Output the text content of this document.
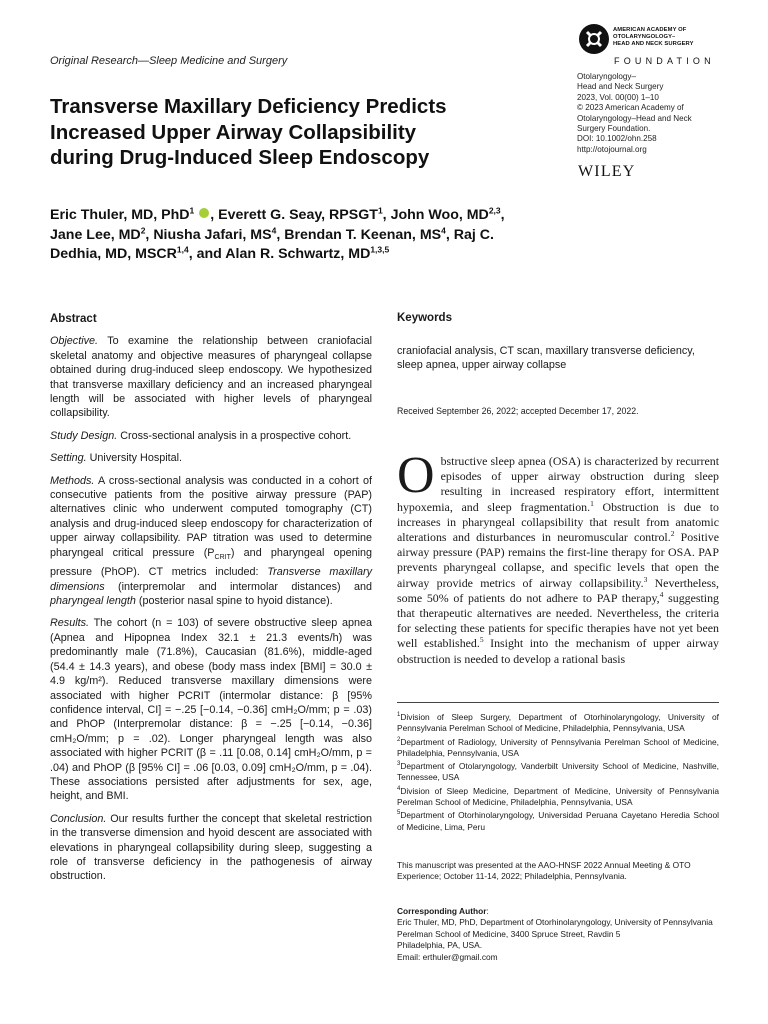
Original Research—Sleep Medicine and Surgery
AMERICAN ACADEMY OF
OTOLARYNGOLOGY–
HEAD AND NECK SURGERY
FOUNDATION
Otolaryngology–
Head and Neck Surgery
2023, Vol. 00(00) 1–10
© 2023 American Academy of
Otolaryngology–Head and Neck
Surgery Foundation.
DOI: 10.1002/ohn.258
http://otojournal.org
WILEY
Transverse Maxillary Deficiency Predicts
Increased Upper Airway Collapsibility
during Drug-Induced Sleep Endoscopy
Eric Thuler, MD, PhD$^1$ , Everett G. Seay, RPSGT$^1$, John Woo, MD$^{2,3}$, Jane Lee, $MD^2$, Niusha Jafari, $MS^4$, Brendan T. Keenan, $MS^4$, Raj C. Dedhia, MD, MSCR$^{1,4}$, and Alan R. Schwartz, MD$^{1,3,5}$
Abstract

Objective. To examine the relationship between craniofacial skeletal anatomy and objective measures of pharyngeal collapse obtained during drug-induced sleep endoscopy. We hypothesized that transverse maxillary deficiency and an increased pharyngeal length will be associated with higher levels of pharyngeal collapsibility.

Study Design. Cross-sectional analysis in a prospective cohort.

Setting. University Hospital.

Methods. A cross-sectional analysis was conducted in a cohort of consecutive patients from the positive airway pressure (PAP) alternatives clinic who underwent computed tomography (CT) analysis and drug-induced sleep endoscopy for characterization of upper airway collapsibility. PAP titration was used to determine pharyngeal critical pressure $(P_{CRIT})$ and pharyngeal opening pressure (PhOP). CT metrics included: Transverse maxillary dimensions (interpremolar and intermolar distances) and pharyngeal length (posterior nasal spine to hyoid distance).

Results. The cohort (n = 103) of severe obstructive sleep apnea (Apnea and Hipopnea Index 32.1 ± 21.3 events/h) was predominantly male (71.8%), Caucasian (81.6%), middle-aged (54.4 ± 14.3 years), and obese (body mass index [BMI] = 30.0 ± 4.9 kg/m²). Reduced transverse maxillary dimensions were associated with higher PCRIT (intermolar distance: β [95% confidence interval, CI] = −.25 [−0.14, −0.36] cmH₂O/mm; p = .03) and PhOP (Interpremolar distance: β = −.25 [−0.14, −0.36] cmH₂O/mm; p = .02). Longer pharyngeal length was also associated with higher PCRIT (β = .11 [0.08, 0.14] cmH₂O/mm, p = .04) and PhOP (β [95% CI] = .06 [0.03, 0.09] cmH₂O/mm, p = .04). These associations persisted after adjustments for sex, age, height, and BMI.

Conclusion. Our results further the concept that skeletal restriction in the transverse dimension and hyoid descent are associated with elevations in pharyngeal collapsibility during sleep, suggesting a role of transverse deficiency in the pathogenesis of airway obstruction.

Keywords
craniofacial analysis, CT scan, maxillary transverse deficiency, sleep apnea, upper airway collapse
Received September 26, 2022; accepted December 17, 2022.
Obstructive sleep apnea (OSA) is characterized by recurrent episodes of upper airway obstruction during sleep resulting in increased respiratory effort, intermittent hypoxemia, and sleep fragmentation.$^1$ Obstruction is due to increases in pharyngeal collapsibility that result from anatomic alterations and disturbances in neuromuscular control.$^2$ Positive airway pressure (PAP) remains the first-line therapy for OSA. PAP prevents pharyngeal collapse, and specific levels that open the airway provide metrics of airway collapsibility.$^3$ Nevertheless, some 50% of patients do not adhere to PAP therapy,$^4$ suggesting that therapeutic alternatives are needed. Nevertheless, the criteria for selecting these patients for specific therapies have not yet been well established.$^5$ Insight into the mechanism of upper airway obstruction is needed to develop a rational basis

$^1$Division of Sleep Surgery, Department of Otorhinolaryngology, University of Pennsylvania Perelman School of Medicine, Philadelphia, Pennsylvania, USA

$^2$Department of Radiology, University of Pennsylvania Perelman School of Medicine, Philadelphia, Pennsylvania, USA

$^3$Department of Otolaryngology, Vanderbilt University School of Medicine, Nashville, Tennessee, USA

$^4$Division of Sleep Medicine, Department of Medicine, University of Pennsylvania Perelman School of Medicine, Philadelphia, Pennsylvania, USA

$^5$Department of Otorhinolaryngology, Universidad Peruana Cayetano Heredia School of Medicine, Lima, Peru

This manuscript was presented at the AAO-HNSF 2022 Annual Meeting & OTO Experience; October 11-14, 2022; Philadelphia, Pennsylvania.
Corresponding Author:
Eric Thuler, MD, PhD, Department of Otorhinolaryngology, University of Pennsylvania Perelman School of Medicine, 3400 Spruce Street, Ravdin 5
Philadelphia, PA, USA.
Email: erthuler@gmail.com
